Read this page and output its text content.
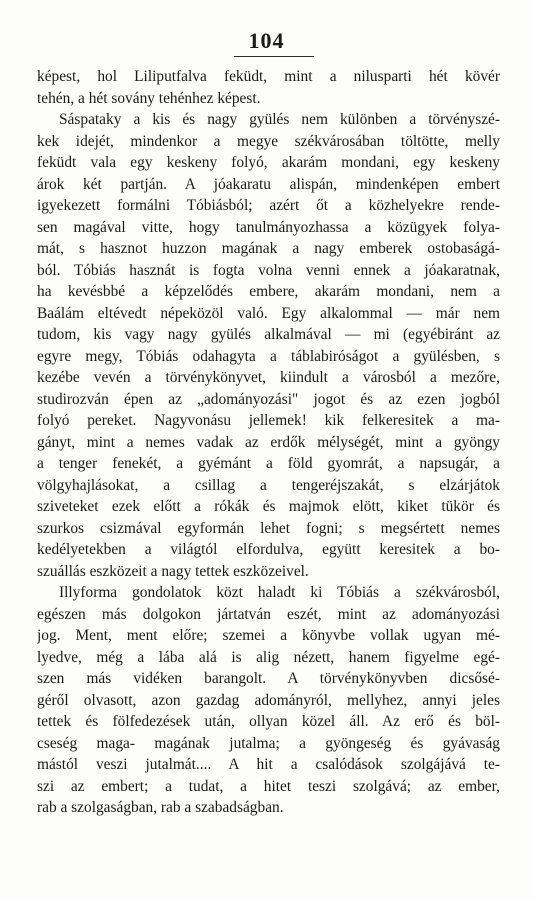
104
képest, hol Liliputfalva feküdt, mint a nilusparti hét kövér
tehén, a hét sovány tehénhez képest.
Sáspataky a kis és nagy gyülés nem különben a törvényszé-
kek idejét, mindenkor a megye székvárosában töltötte, melly
feküdt vala egy keskeny folyó, akarám mondani, egy keskeny
árok két partján. A jóakaratu alispán, mindenképen embert
igyekezett formálni Tóbiásból; azért őt a közhelyekre rende-
sen magával vitte, hogy tanulmányozhassa a közügyek folya-
mát, s hasznot huzzon magának a nagy emberek ostobaságá-
ból. Tóbiás hasznát is fogta volna venni ennek a jóakaratnak,
ha kevésbbé a képzelődés embere, akarám mondani, nem a
Baálám eltévedt népeközöl való. Egy alkalommal — már nem
tudom, kis vagy nagy gyülés alkalmával — mi (egyébiránt az
egyre megy, Tóbiás odahagyta a táblabiróságot a gyülésben, s
kezébe vevén a törvénykönyvet, kiindult a városból a mezőre,
studirozván épen az „adományozási" jogot és az ezen jogból
folyó pereket. Nagyvonásu jellemek! kik felkeresitek a ma-
gányt, mint a nemes vadak az erdők mélységét, mint a gyöngy
a tenger fenekét, a gyémánt a föld gyomrát, a napsugár, a
völgyhajlásokat, a csillag a tengeréjszakát, s elzárjátok
sziveteket ezek előtt a rókák és majmok elött, kiket tükör és
szurkos csizmával egyformán lehet fogni; s megsértett nemes
kedélyetekben a világtól elfordulva, együtt keresitek a bo-
szuállás eszközeit a nagy tettek eszközeivel.
Illyforma gondolatok közt haladt ki Tóbiás a székvárosból,
egészen más dolgokon jártatván eszét, mint az adományozási
jog. Ment, ment előre; szemei a könyvbe vollak ugyan mé-
lyedve, még a lába alá is alig nézett, hanem figyelme egé-
szen más vidéken barangolt. A törvénykönyvben dicsősé-
géről olvasott, azon gazdag adományról, mellyhez, annyi jeles
tettek és fölfedezések után, ollyan közel áll. Az erő és böl-
cseség maga- magának jutalma; a gyöngeség és gyávaság
mástól veszi jutalmát.... A hit a csalódások szolgájává te-
szi az embert; a tudat, a hitet teszi szolgává; az ember,
rab a szolgaságban, rab a szabadságban.
